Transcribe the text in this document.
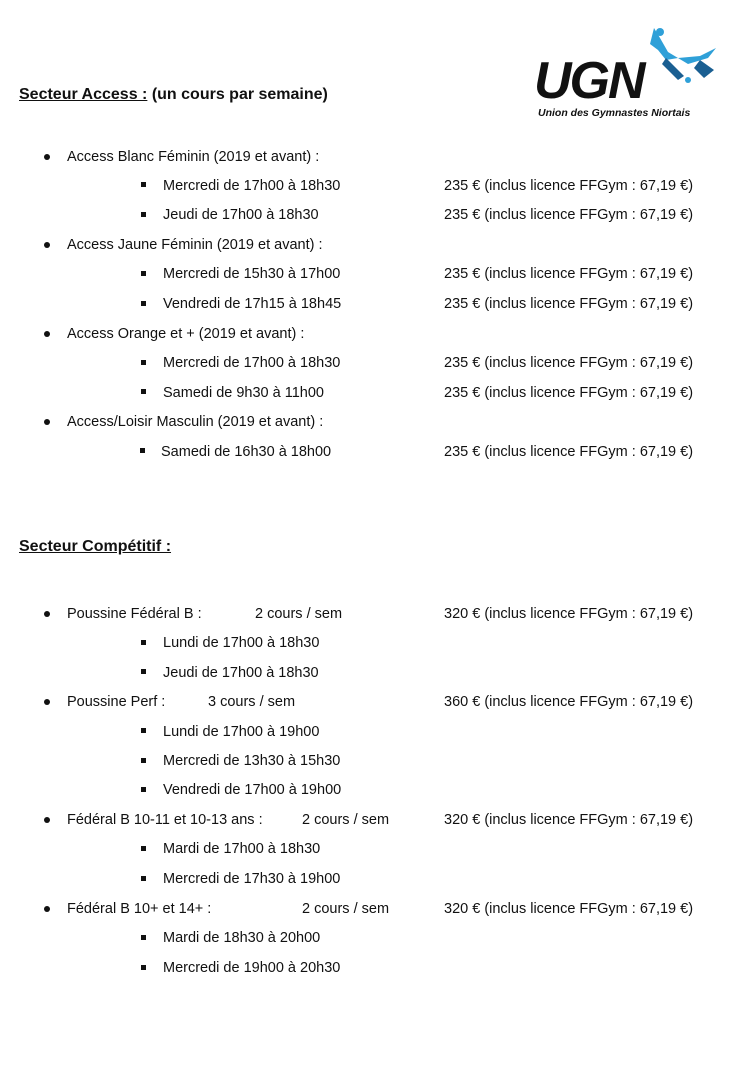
UGN
Union des Gymnastes Niortais
Secteur Access : (un cours par semaine)
Access Blanc Féminin (2019 et avant) :
Mercredi de 17h00 à 18h30	235 € (inclus licence FFGym : 67,19 €)
Jeudi de 17h00 à 18h30	235 € (inclus licence FFGym : 67,19 €)
Access Jaune Féminin (2019 et avant) :
Mercredi de 15h30 à 17h00	235 € (inclus licence FFGym : 67,19 €)
Vendredi de 17h15 à 18h45	235 € (inclus licence FFGym : 67,19 €)
Access Orange et + (2019 et avant) :
Mercredi de 17h00 à 18h30	235 € (inclus licence FFGym : 67,19 €)
Samedi de 9h30 à 11h00	235 € (inclus licence FFGym : 67,19 €)
Access/Loisir Masculin (2019 et avant) :
Samedi de 16h30 à 18h00	235 € (inclus licence FFGym : 67,19 €)
Secteur Compétitif :
Poussine Fédéral B :	2 cours / sem	320 € (inclus licence FFGym : 67,19 €)
Lundi de 17h00 à 18h30
Jeudi de 17h00 à 18h30
Poussine Perf :	3 cours / sem	360 € (inclus licence FFGym : 67,19 €)
Lundi de 17h00 à 19h00
Mercredi de 13h30 à 15h30
Vendredi de 17h00 à 19h00
Fédéral B 10-11 et 10-13 ans :	2 cours / sem	320 € (inclus licence FFGym : 67,19 €)
Mardi de 17h00 à 18h30
Mercredi de 17h30 à 19h00
Fédéral B 10+ et 14+ :	2 cours / sem	320 € (inclus licence FFGym : 67,19 €)
Mardi de 18h30 à 20h00
Mercredi de 19h00 à 20h30
